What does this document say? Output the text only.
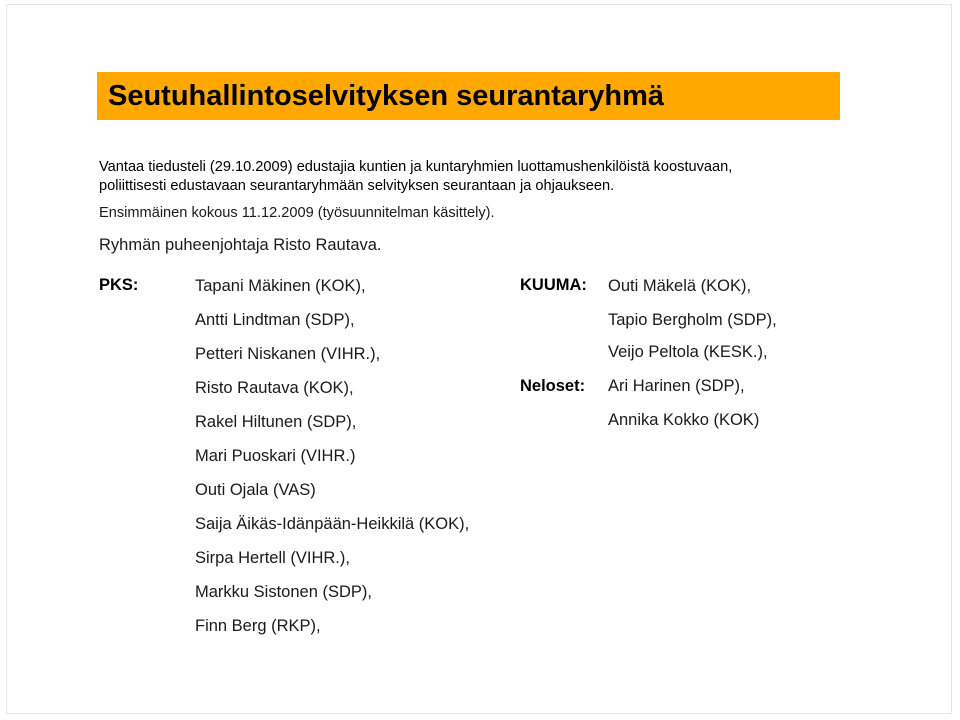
Seutuhallintoselvityksen seurantaryhmä

Vantaa tiedusteli (29.10.2009) edustajia kuntien ja kuntaryhmien luottamushenkilöistä koostuvaan,

poliittisesti edustavaan seurantaryhmään selvityksen seurantaan ja ohjaukseen.

Ensimmäinen kokous 11.12.2009 (työsuunnitelman käsittely).
Ryhmän puheenjohtaja Risto Rautava.
PKS:	Tapani Mäkinen (KOK),
Antti Lindtman (SDP),
Petteri Niskanen (VIHR.),
Risto Rautava (KOK),
Rakel Hiltunen (SDP),
Mari Puoskari (VIHR.)
Outi Ojala (VAS)
Saija Äikäs-Idänpään-Heikkilä (KOK),
Sirpa Hertell (VIHR.),
Markku Sistonen (SDP),
Finn Berg (RKP),
KUUMA: Outi Mäkelä (KOK),
Tapio Bergholm (SDP),
Veijo Peltola (KESK.),
Neloset: Ari Harinen (SDP),
Annika Kokko (KOK)
